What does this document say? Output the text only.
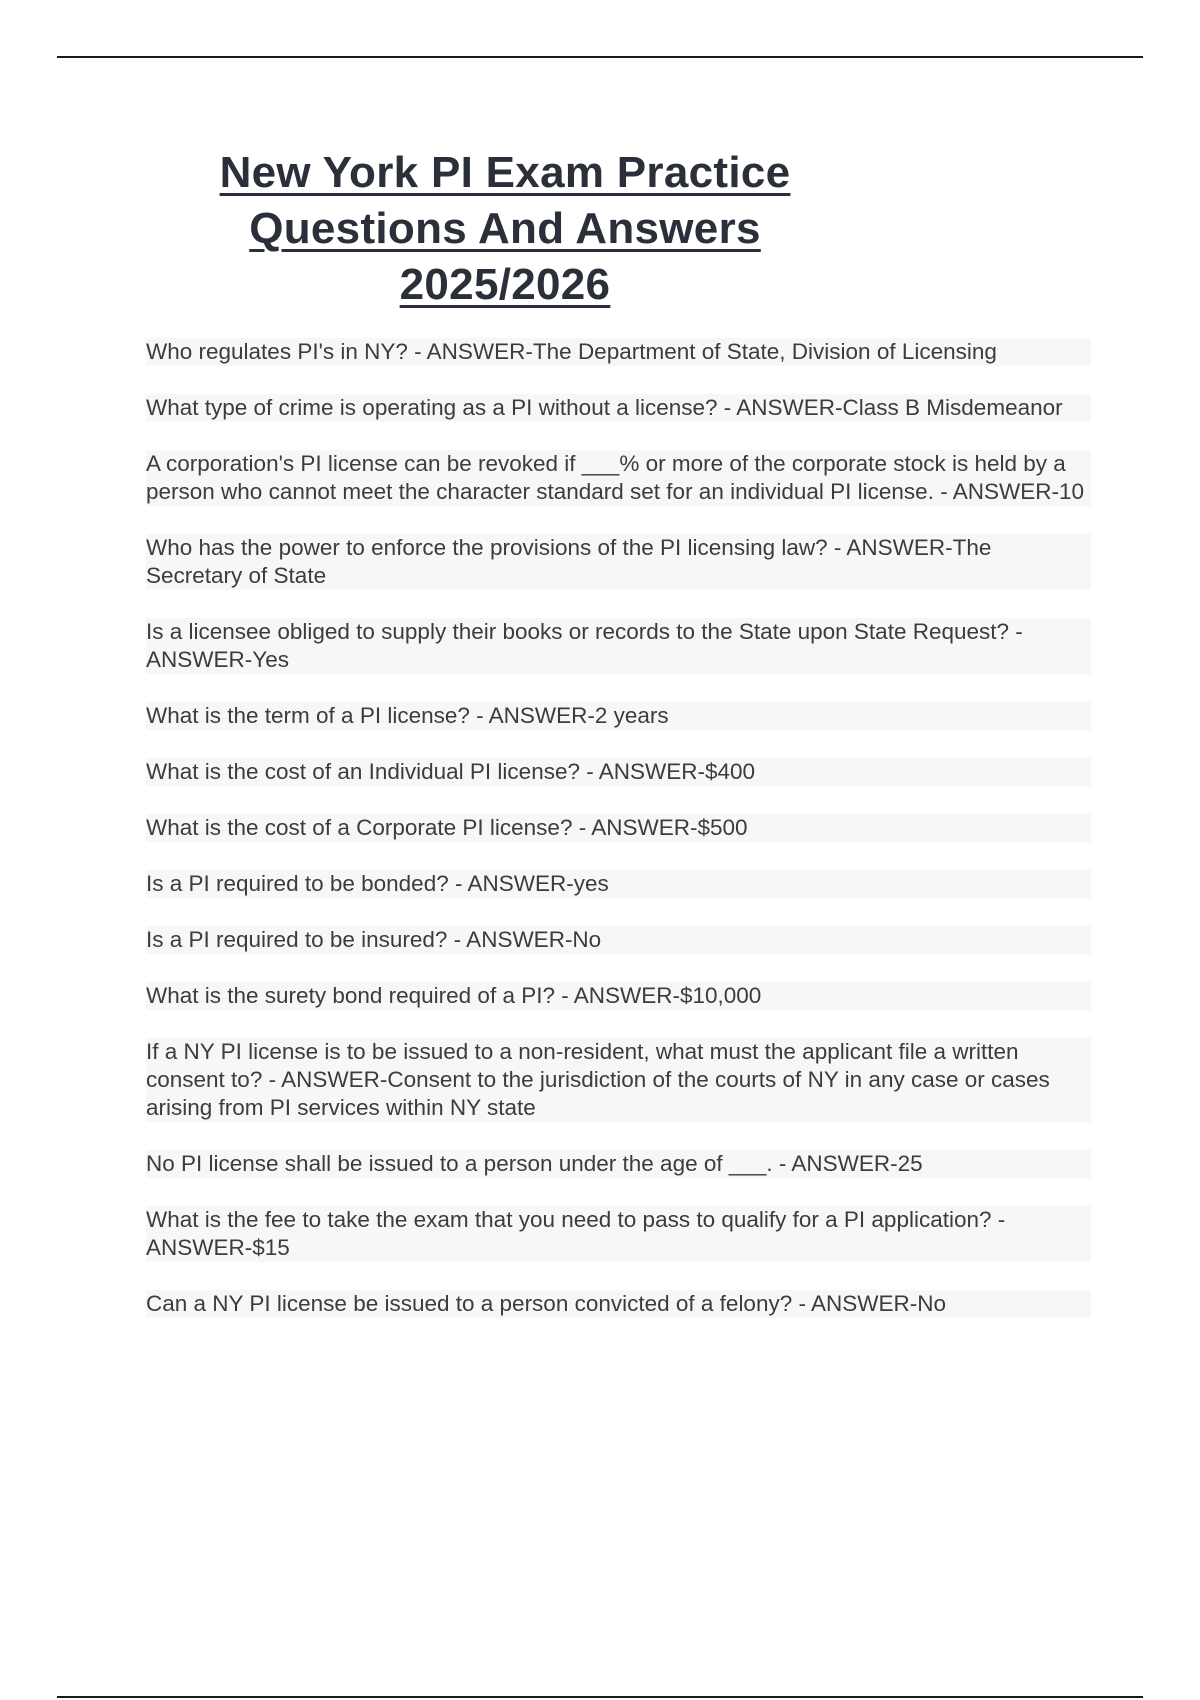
New York PI Exam Practice
Questions And Answers
2025/2026
Who regulates PI's in NY? - ANSWER-The Department of State, Division of Licensing
What type of crime is operating as a PI without a license? - ANSWER-Class B Misdemeanor
A corporation's PI license can be revoked if ___% or more of the corporate stock is held by a person who cannot meet the character standard set for an individual PI license. - ANSWER-10
Who has the power to enforce the provisions of the PI licensing law? - ANSWER-The Secretary of State
Is a licensee obliged to supply their books or records to the State upon State Request? - ANSWER-Yes
What is the term of a PI license? - ANSWER-2 years
What is the cost of an Individual PI license? - ANSWER-$400
What is the cost of a Corporate PI license? - ANSWER-$500
Is a PI required to be bonded? - ANSWER-yes
Is a PI required to be insured? - ANSWER-No
What is the surety bond required of a PI? - ANSWER-$10,000
If a NY PI license is to be issued to a non-resident, what must the applicant file a written consent to? - ANSWER-Consent to the jurisdiction of the courts of NY in any case or cases arising from PI services within NY state
No PI license shall be issued to a person under the age of ___. - ANSWER-25
What is the fee to take the exam that you need to pass to qualify for a PI application? - ANSWER-$15
Can a NY PI license be issued to a person convicted of a felony? - ANSWER-No
